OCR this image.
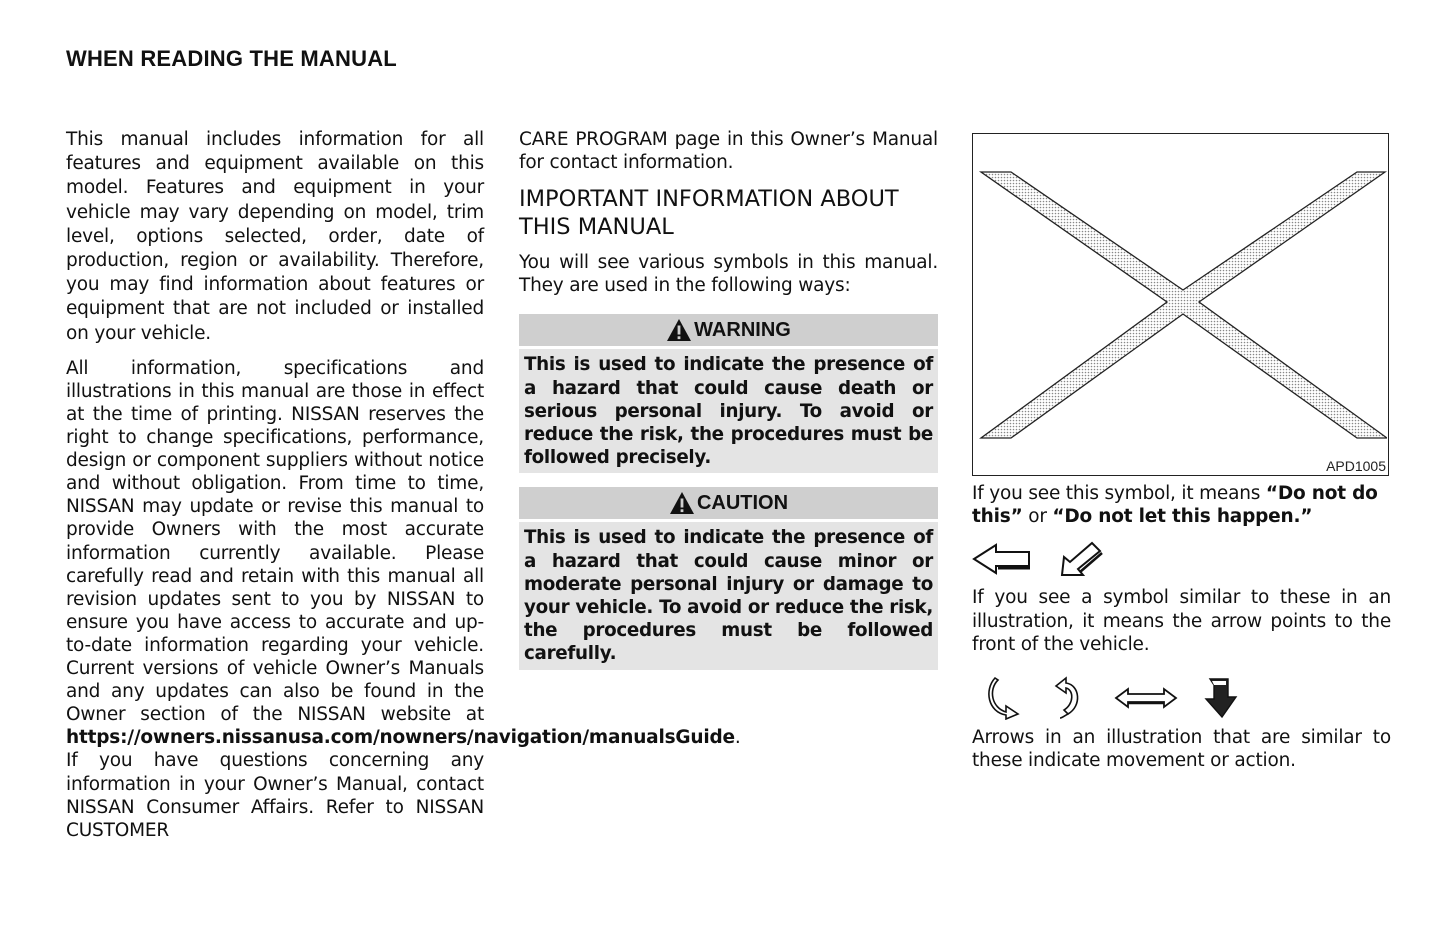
WHEN READING THE MANUAL

This manual includes information for all features and equipment available on this model. Features and equipment in your vehicle may vary depending on model, trim level, options selected, order, date of production, region or availability. Therefore, you may find information about features or equipment that are not included or installed on your vehicle.

All information, specifications and illustrations in this manual are those in effect at the time of printing. NISSAN reserves the right to change specifications, performance, design or component suppliers without notice and without obligation. From time to time, NISSAN may update or revise this manual to provide Owners with the most accurate information currently available. Please carefully read and retain with this manual all revision updates sent to you by NISSAN to ensure you have access to accurate and up-to-date information regarding your vehicle. Current versions of vehicle Owner’s Manuals and any updates can also be found in the Owner section of the NISSAN website at https://owners.nissanusa.com/nowners/navigation/manualsGuide. If you have questions concerning any information in your Owner’s Manual, contact NISSAN Consumer Affairs. Refer to NISSAN CUSTOMER

CARE PROGRAM page in this Owner’s Manual for contact information.

IMPORTANT INFORMATION ABOUT THIS MANUAL

You will see various symbols in this manual. They are used in the following ways:

WARNING
This is used to indicate the presence of a hazard that could cause death or serious personal injury. To avoid or reduce the risk, the procedures must be followed precisely.
CAUTION
This is used to indicate the presence of a hazard that could cause minor or moderate personal injury or damage to your vehicle. To avoid or reduce the risk, the procedures must be followed carefully.
APD1005

If you see this symbol, it means “Do not do this” or “Do not let this happen.”

If you see a symbol similar to these in an illustration, it means the arrow points to the front of the vehicle.

Arrows in an illustration that are similar to these indicate movement or action.
